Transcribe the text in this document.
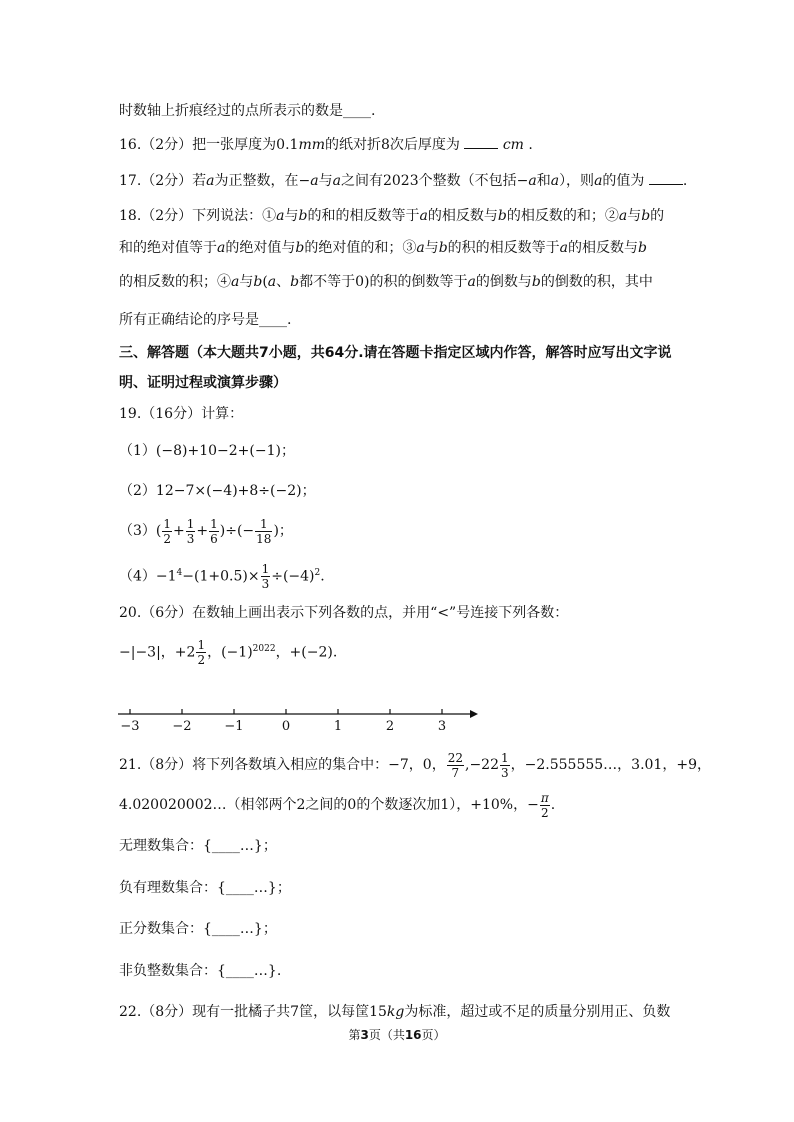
时数轴上折痕经过的点所表示的数是____.
16.（2分）把一张厚度为0.1mm的纸对折8次后厚度为	cm .
17.（2分）若a为正整数，在−a与a之间有2023个整数（不包括−a和a），则a的值为 .
18.（2分）下列说法：①a与b的和的相反数等于a的相反数与b的相反数的和；②a与b的
和的绝对值等于a的绝对值与b的绝对值的和；③a与b的积的相反数等于a的相反数与b
的相反数的积；④a与b(a、b都不等于0)的积的倒数等于a的倒数与b的倒数的积，其中
所有正确结论的序号是____.
三、解答题（本大题共7小题，共64分.请在答题卡指定区域内作答，解答时应写出文字说
明、证明过程或演算步骤）
19.（16分）计算：
（1）(−8)+10−2+(−1)；
（2）12−7×(−4)+8÷(−2)；
$(3)( \frac{1}{2} + \frac{1}{3} + \frac{1}{6}$ )÷(− $\frac{1}{18}$ )；
$(4)-1^4-(1+0.5)\times \frac{1}{3} \div(-4)^2$.
20.（6分）在数轴上画出表示下列各数的点，并用“<”号连接下列各数：
−|−3|，$+2 \frac{1}{2}$ ，$(-1)^{2022}$，+(−2).
−3	−2	−1	0	1	2	3
21.（8分）将下列各数填入相应的集合中：−7，0， $\frac{22}{7} ,-22 \frac{1}{3}$ ，−2.555555…，3.01，+9，
4.020020002…（相邻两个2之间的0的个数逐次加1），+10%，− $\frac{\pi}{2}$ .
无理数集合：{____…}；
负有理数集合：{____…}；
正分数集合：{____…}；
非负整数集合：{____…}.
22.（8分）现有一批橘子共7筐，以每筐15kg为标准，超过或不足的质量分别用正、负数
第3页（共16页）
